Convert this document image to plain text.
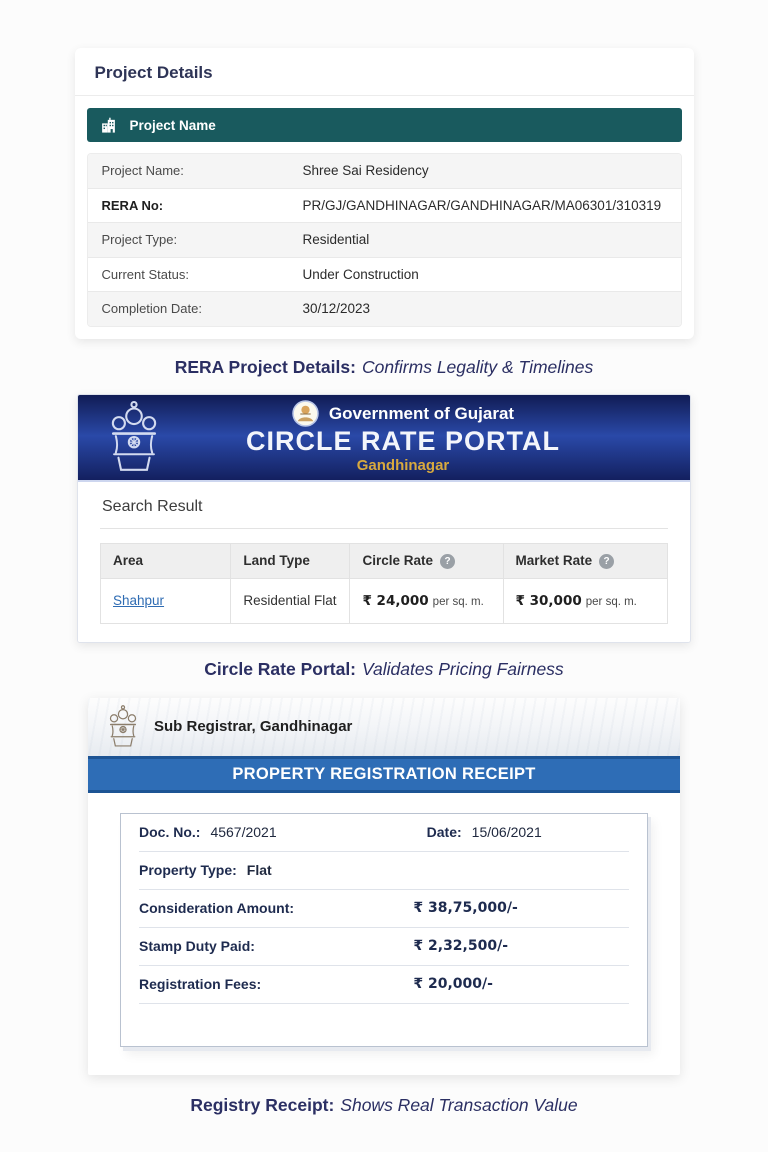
Project Details
Project Name
Project Name:	Shree Sai Residency
RERA No:	PR/GJ/GANDHINAGAR/GANDHINAGAR/MA06301/310319
Project Type:	Residential
Current Status:	Under Construction
Completion Date:	30/12/2023
RERA Project Details: Confirms Legality & Timelines
Government of Gujarat
CIRCLE RATE PORTAL
Gandhinagar
Search Result
Area	Land Type	Circle Rate ?	Market Rate ?
Shahpur	Residential Flat	₹ 24,000 per sq. m.	₹ 30,000 per sq. m.
Circle Rate Portal: Validates Pricing Fairness
Sub Registrar, Gandhinagar
PROPERTY REGISTRATION RECEIPT
Doc. No.: 4567/2021	Date: 15/06/2021
Property Type: Flat
Consideration Amount:	₹ 38,75,000/-
Stamp Duty Paid:	₹ 2,32,500/-
Registration Fees:	₹ 20,000/-
Registry Receipt: Shows Real Transaction Value
